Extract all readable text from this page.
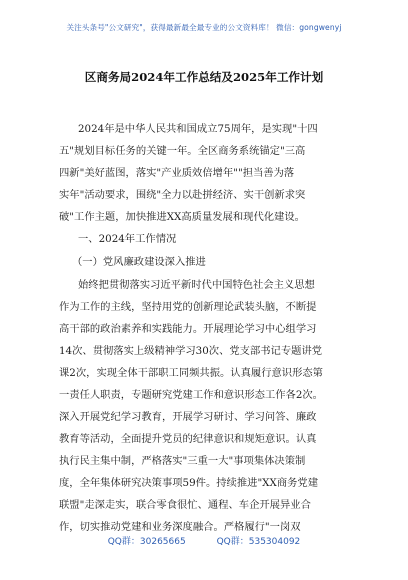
关注头条号"公文研究"，获得最新最全最专业的公文资料库！ 微信：gongwenyj
区商务局2024年工作总结及2025年工作计划
2024年是中华人民共和国成立75周年，是实现"十四
五"规划目标任务的关键一年。全区商务系统锚定"三高
四新"美好蓝图，落实"产业质效倍增年""担当善为落
实年"活动要求，围绕"全力以赴拼经济、实干创新求突
破"工作主题，加快推进XX高质量发展和现代化建设。
一、2024年工作情况
（一）党风廉政建设深入推进
始终把贯彻落实习近平新时代中国特色社会主义思想
作为工作的主线，坚持用党的创新理论武装头脑，不断提
高干部的政治素养和实践能力。开展理论学习中心组学习
14次、贯彻落实上级精神学习30次、党支部书记专题讲党
课2次，实现全体干部职工同频共振。认真履行意识形态第
一责任人职责，专题研究党建工作和意识形态工作各2次。
深入开展党纪学习教育，开展学习研讨、学习问答、廉政
教育等活动，全面提升党员的纪律意识和规矩意识。认真
执行民主集中制，严格落实"三重一大"事项集体决策制
度，全年集体研究决策事项59件。持续推进"XX商务党建
联盟"走深走实，联合零食很忙、通程、车企开展异业合
作，切实推动党建和业务深度融合。严格履行"一岗双
QQ群：30265665	QQ群：535304092
